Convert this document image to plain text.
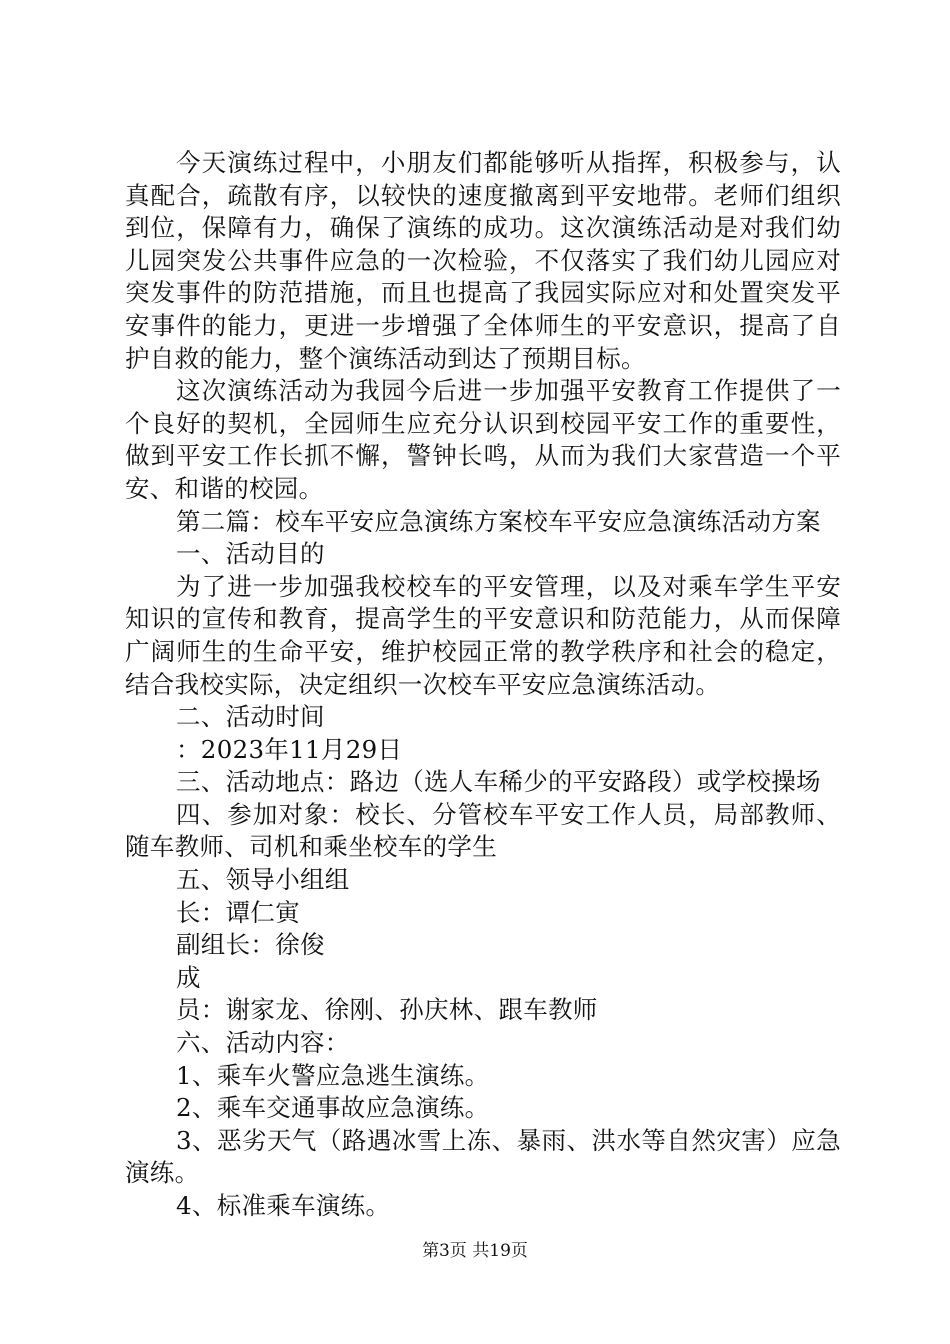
今天演练过程中，小朋友们都能够听从指挥，积极参与，认真配合，疏散有序，以较快的速度撤离到平安地带。老师们组织到位，保障有力，确保了演练的成功。这次演练活动是对我们幼儿园突发公共事件应急的一次检验，不仅落实了我们幼儿园应对突发事件的防范措施，而且也提高了我园实际应对和处置突发平安事件的能力，更进一步增强了全体师生的平安意识，提高了自护自救的能力，整个演练活动到达了预期目标。

这次演练活动为我园今后进一步加强平安教育工作提供了一个良好的契机，全园师生应充分认识到校园平安工作的重要性，做到平安工作长抓不懈，警钟长鸣，从而为我们大家营造一个平安、和谐的校园。

第二篇：校车平安应急演练方案校车平安应急演练活动方案

一、活动目的

为了进一步加强我校校车的平安管理，以及对乘车学生平安知识的宣传和教育，提高学生的平安意识和防范能力，从而保障广阔师生的生命平安，维护校园正常的教学秩序和社会的稳定，结合我校实际，决定组织一次校车平安应急演练活动。

二、活动时间

：2023年11月29日

三、活动地点：路边（选人车稀少的平安路段）或学校操场

四、参加对象：校长、分管校车平安工作人员，局部教师、随车教师、司机和乘坐校车的学生

五、领导小组组

长：谭仁寅

副组长：徐俊

成

员：谢家龙、徐刚、孙庆林、跟车教师

六、活动内容：

1、乘车火警应急逃生演练。

2、乘车交通事故应急演练。

3、恶劣天气（路遇冰雪上冻、暴雨、洪水等自然灾害）应急演练。

4、标准乘车演练。

第3页 共19页
